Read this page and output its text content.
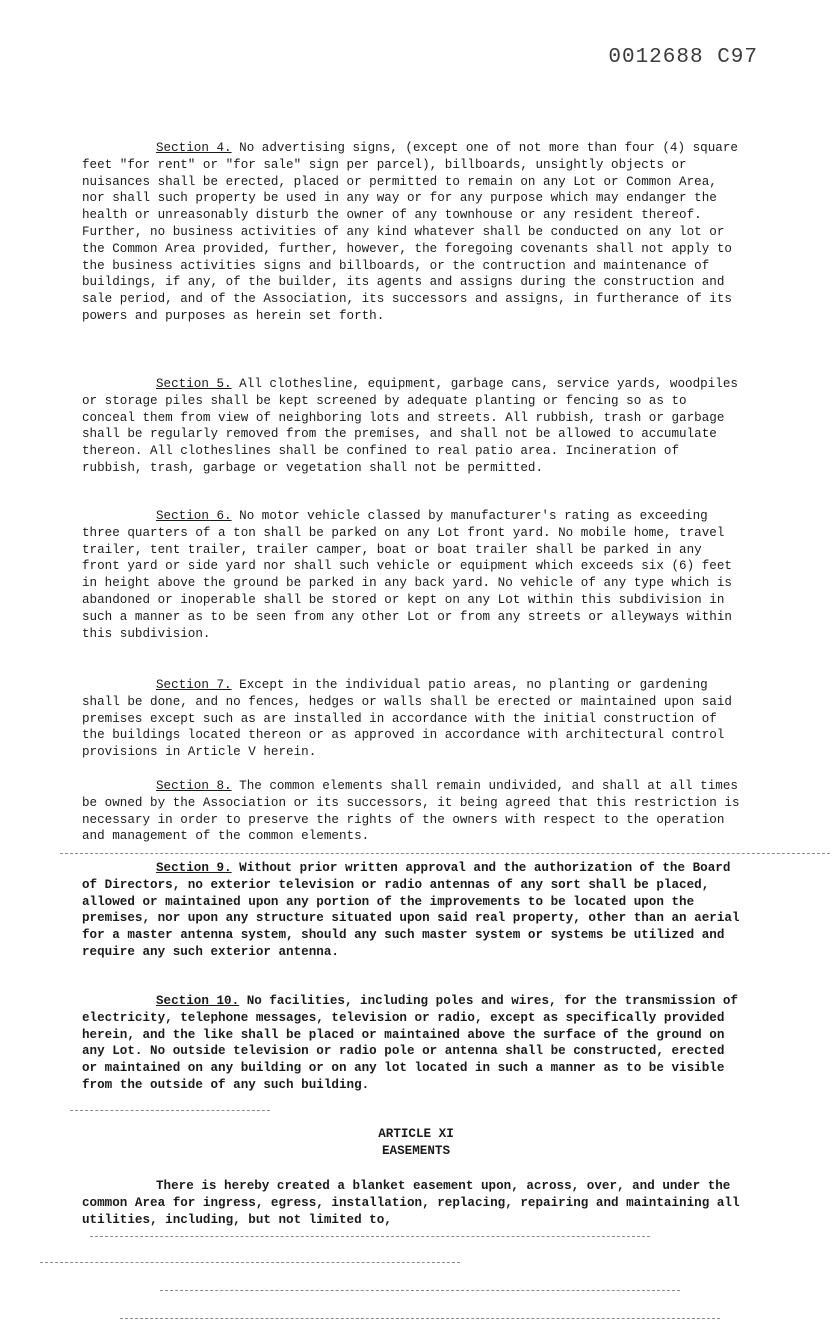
0012688 C97

Section 4. No advertising signs, (except one of not more than four (4) square feet "for rent" or "for sale" sign per parcel), billboards, unsightly objects or nuisances shall be erected, placed or permitted to remain on any Lot or Common Area, nor shall such property be used in any way or for any purpose which may endanger the health or unreasonably disturb the owner of any townhouse or any resident thereof. Further, no business activities of any kind whatever shall be conducted on any lot or the Common Area provided, further, however, the foregoing covenants shall not apply to the business activities signs and billboards, or the contruction and maintenance of buildings, if any, of the builder, its agents and assigns during the construction and sale period, and of the Association, its successors and assigns, in furtherance of its powers and purposes as herein set forth.

Section 5. All clothesline, equipment, garbage cans, service yards, woodpiles or storage piles shall be kept screened by adequate planting or fencing so as to conceal them from view of neighboring lots and streets. All rubbish, trash or garbage shall be regularly removed from the premises, and shall not be allowed to accumulate thereon. All clotheslines shall be confined to real patio area. Incineration of rubbish, trash, garbage or vegetation shall not be permitted.

Section 6. No motor vehicle classed by manufacturer's rating as exceeding three quarters of a ton shall be parked on any Lot front yard. No mobile home, travel trailer, tent trailer, trailer camper, boat or boat trailer shall be parked in any front yard or side yard nor shall such vehicle or equipment which exceeds six (6) feet in height above the ground be parked in any back yard. No vehicle of any type which is abandoned or inoperable shall be stored or kept on any Lot within this subdivision in such a manner as to be seen from any other Lot or from any streets or alleyways within this subdivision.

Section 7. Except in the individual patio areas, no planting or gardening shall be done, and no fences, hedges or walls shall be erected or maintained upon said premises except such as are installed in accordance with the initial construction of the buildings located thereon or as approved in accordance with architectural control provisions in Article V herein.

Section 8. The common elements shall remain undivided, and shall at all times be owned by the Association or its successors, it being agreed that this restriction is necessary in order to preserve the rights of the owners with respect to the operation and management of the common elements.

Section 9. Without prior written approval and the authorization of the Board of Directors, no exterior television or radio antennas of any sort shall be placed, allowed or maintained upon any portion of the improvements to be located upon the premises, nor upon any structure situated upon said real property, other than an aerial for a master antenna system, should any such master system or systems be utilized and require any such exterior antenna.

Section 10. No facilities, including poles and wires, for the transmission of electricity, telephone messages, television or radio, except as specifically provided herein, and the like shall be placed or maintained above the surface of the ground on any Lot. No outside television or radio pole or antenna shall be constructed, erected or maintained on any building or on any lot located in such a manner as to be visible from the outside of any such building.

ARTICLE XI
EASEMENTS

There is hereby created a blanket easement upon, across, over, and under the common Area for ingress, egress, installation, replacing, repairing and maintaining all utilities, including, but not limited to,
